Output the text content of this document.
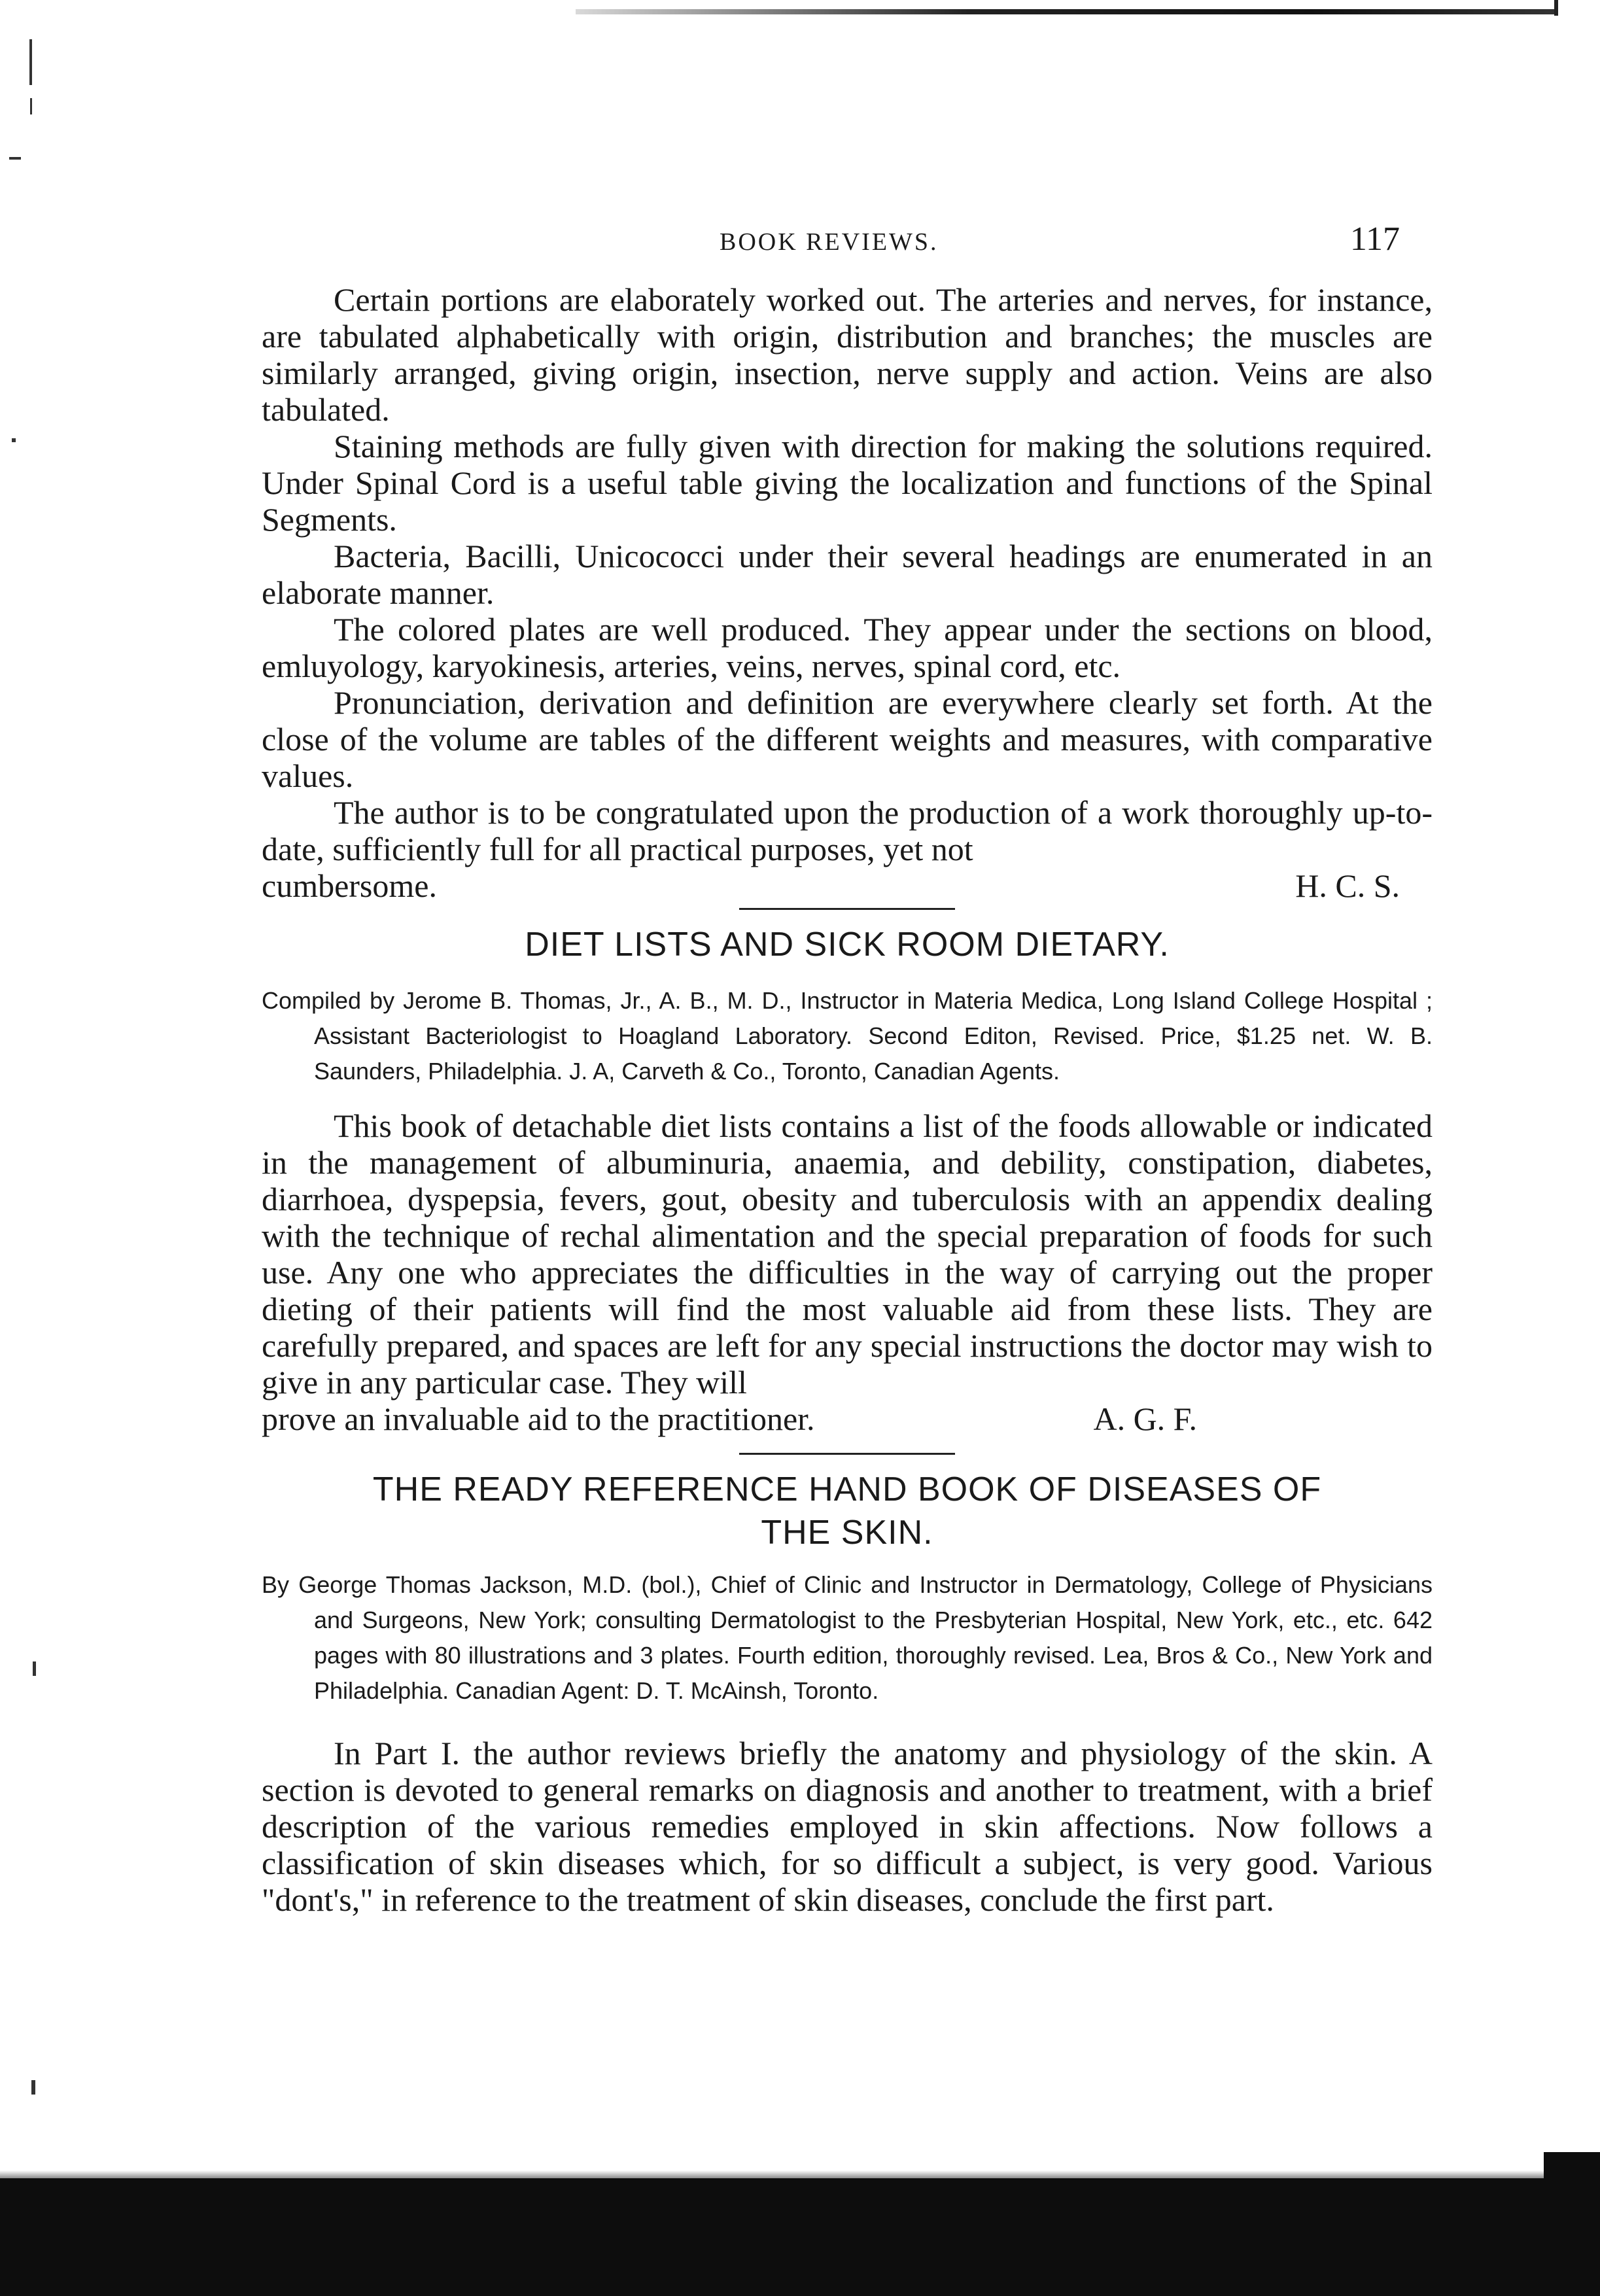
BOOK REVIEWS.	117

Certain portions are elaborately worked out. The arteries and nerves, for instance, are tabulated alphabetically with origin, distribution and branches; the muscles are similarly arranged, giving origin, insection, nerve supply and action. Veins are also tabulated.

Staining methods are fully given with direction for making the solutions required. Under Spinal Cord is a useful table giving the localization and functions of the Spinal Segments.

Bacteria, Bacilli, Unicococci under their several headings are enumerated in an elaborate manner.

The colored plates are well produced. They appear under the sections on blood, emluyology, karyokinesis, arteries, veins, nerves, spinal cord, etc.

Pronunciation, derivation and definition are everywhere clearly set forth. At the close of the volume are tables of the different weights and measures, with comparative values.

The author is to be congratulated upon the production of a work thoroughly up-to-date, sufficiently full for all practical purposes, yet not

cumbersome.	H. C. S.

DIET LISTS AND SICK ROOM DIETARY.
Compiled by Jerome B. Thomas, Jr., A. B., M. D., Instructor in Materia Medica, Long Island College Hospital ; Assistant Bacteriologist to Hoagland Laboratory. Second Editon, Revised. Price, $1.25 net. W. B. Saunders, Philadelphia. J. A, Carveth & Co., Toronto, Canadian Agents.

This book of detachable diet lists contains a list of the foods allowable or indicated in the management of albuminuria, anaemia, and debility, constipation, diabetes, diarrhoea, dyspepsia, fevers, gout, obesity and tuberculosis with an appendix dealing with the technique of rechal alimentation and the special preparation of foods for such use. Any one who appreciates the difficulties in the way of carrying out the proper dieting of their patients will find the most valuable aid from these lists. They are carefully prepared, and spaces are left for any special instructions the doctor may wish to give in any particular case. They will

prove an invaluable aid to the practitioner.	A. G. F.

THE READY REFERENCE HAND BOOK OF DISEASES OF
THE SKIN.
By George Thomas Jackson, M.D. (bol.), Chief of Clinic and Instructor in Dermatology, College of Physicians and Surgeons, New York; consulting Dermatologist to the Presbyterian Hospital, New York, etc., etc. 642 pages with 80 illustrations and 3 plates. Fourth edition, thoroughly revised. Lea, Bros & Co., New York and Philadelphia. Canadian Agent: D. T. McAinsh, Toronto.

In Part I. the author reviews briefly the anatomy and physiology of the skin. A section is devoted to general remarks on diagnosis and another to treatment, with a brief description of the various remedies employed in skin affections. Now follows a classification of skin diseases which, for so difficult a subject, is very good. Various "dont's," in reference to the treatment of skin diseases, conclude the first part.
